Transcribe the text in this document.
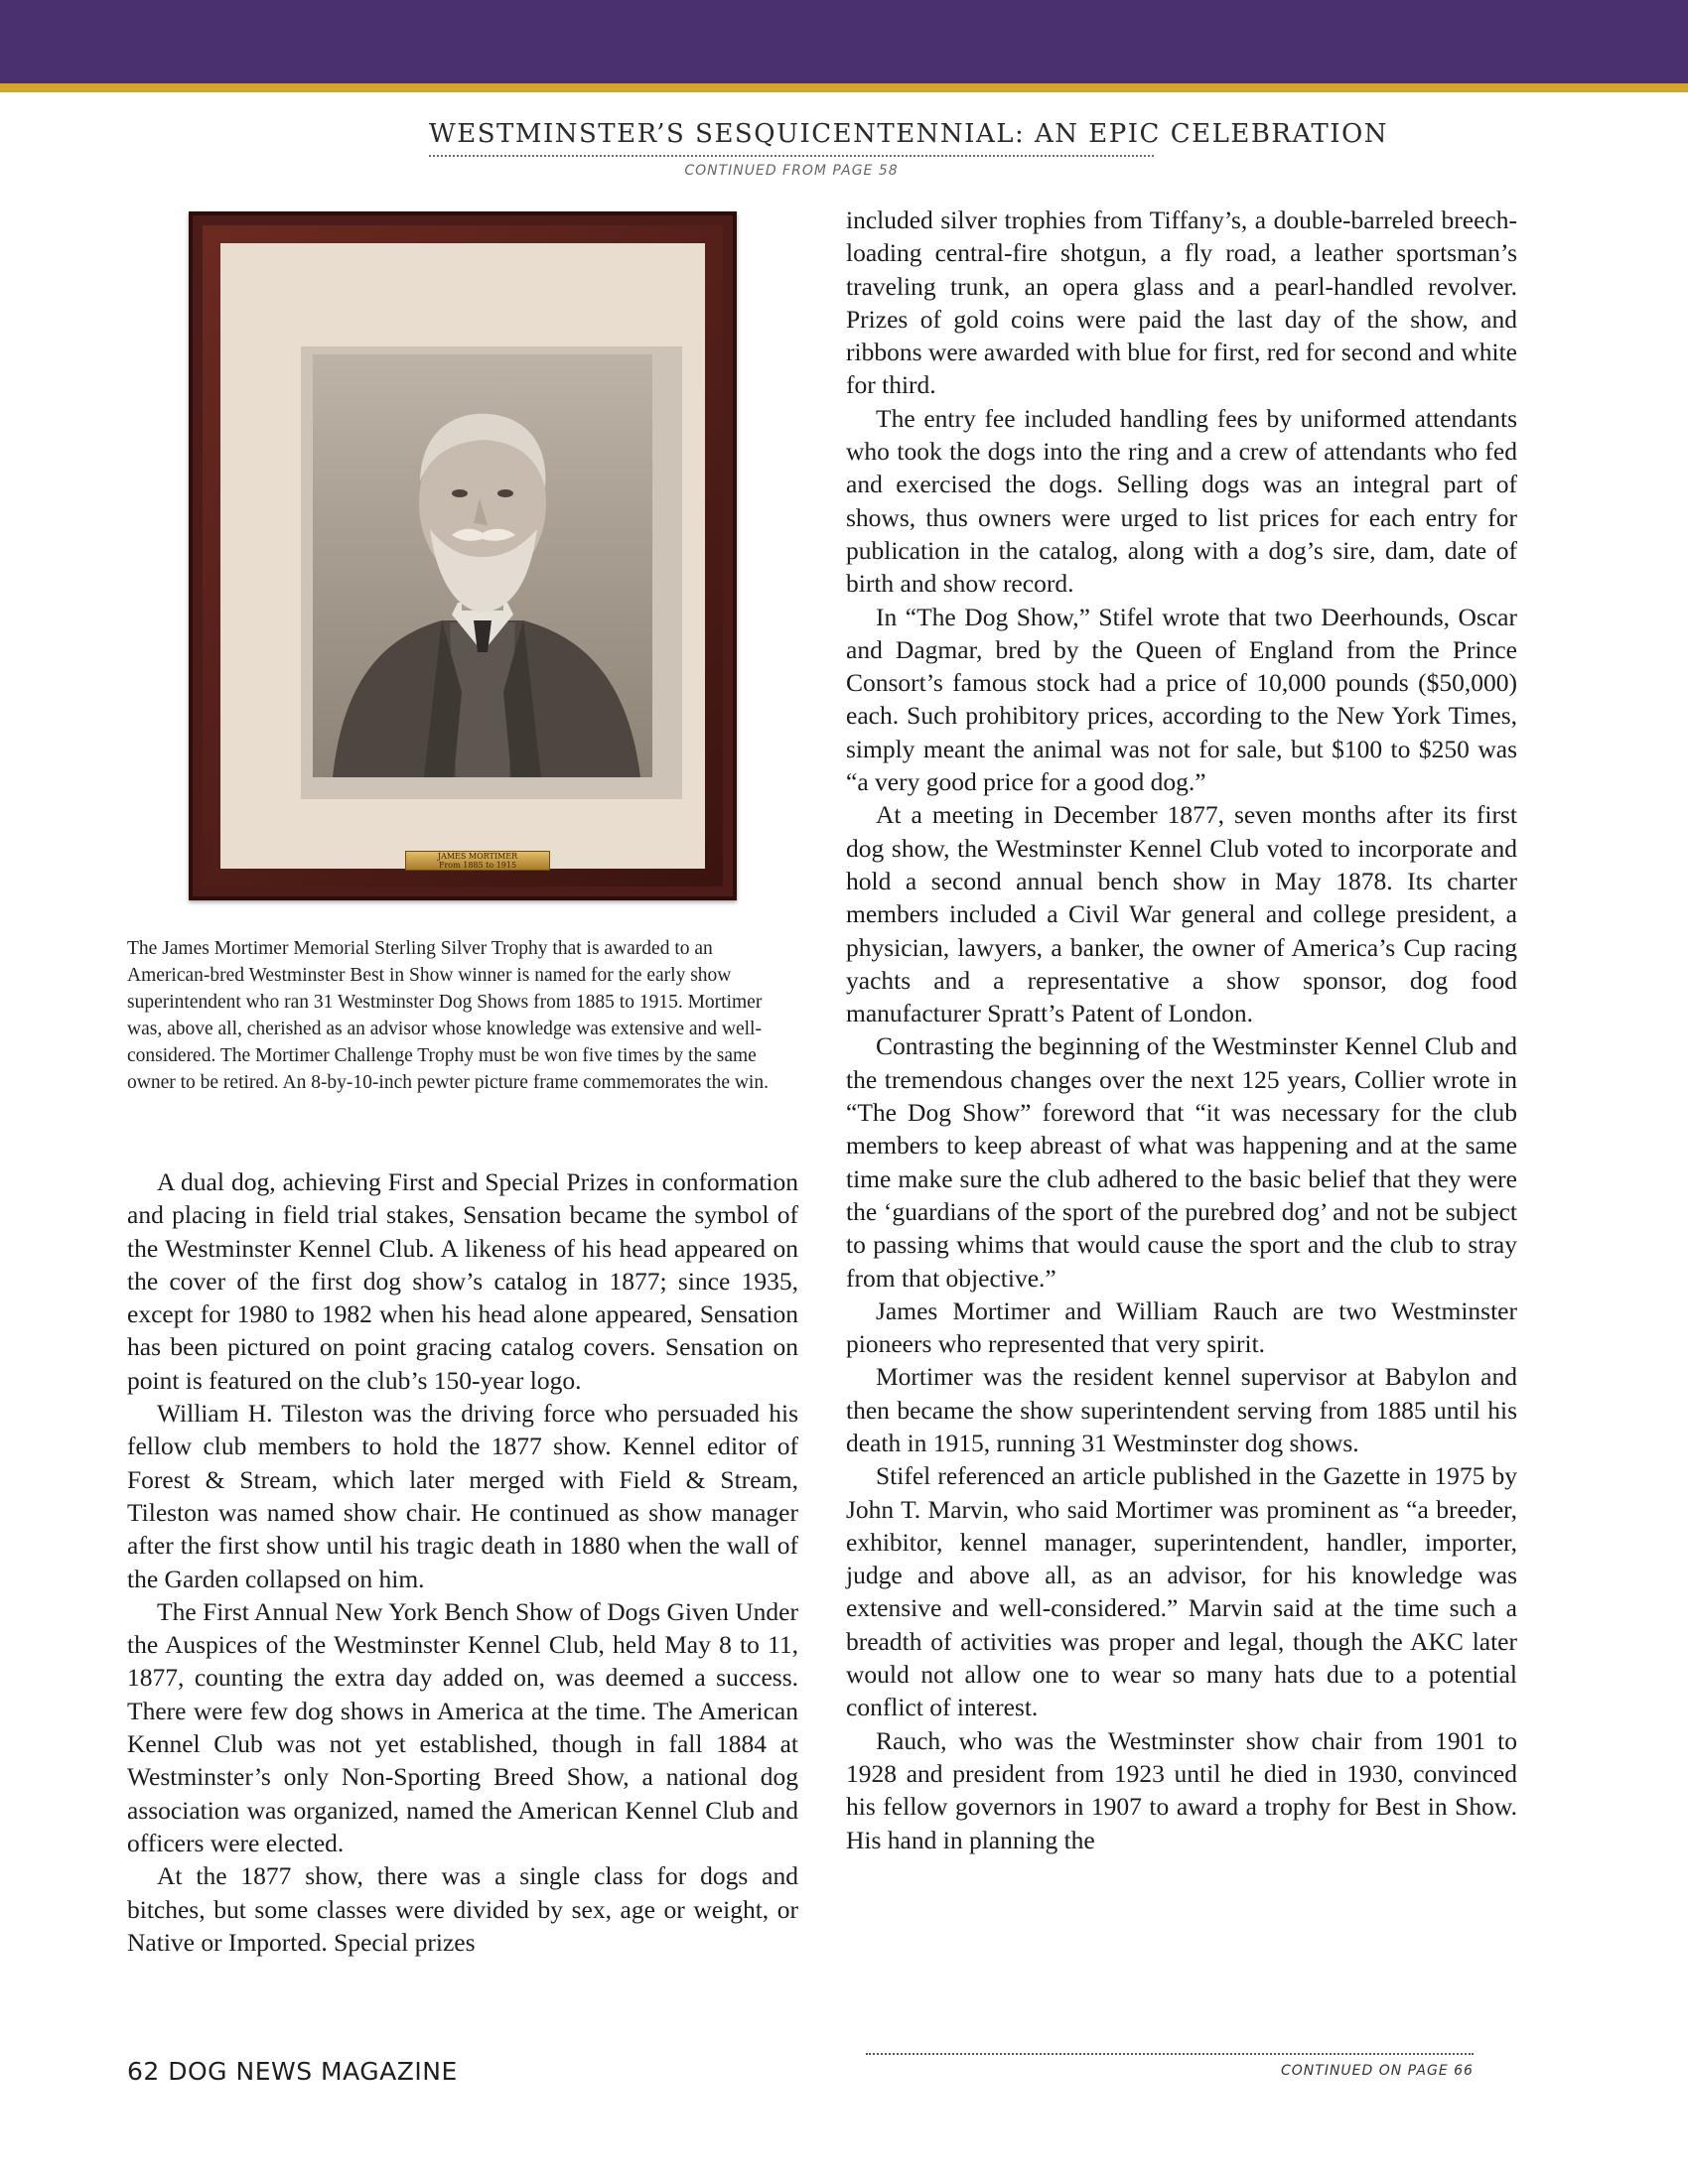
WESTMINSTER’S SESQUICENTENNIAL: AN EPIC CELEBRATION
CONTINUED FROM PAGE 58
JAMES MORTIMER
From 1885 to 1915

The James Mortimer Memorial Sterling Silver Trophy that is awarded to an American-bred Westminster Best in Show winner is named for the early show superintendent who ran 31 Westminster Dog Shows from 1885 to 1915. Mortimer was, above all, cherished as an advisor whose knowledge was extensive and well-considered. The Mortimer Challenge Trophy must be won five times by the same owner to be retired. An 8-by-10-inch pewter picture frame commemorates the win.

A dual dog, achieving First and Special Prizes in conformation and placing in field trial stakes, Sensation became the symbol of the Westminster Kennel Club. A likeness of his head appeared on the cover of the first dog show’s catalog in 1877; since 1935, except for 1980 to 1982 when his head alone appeared, Sensation has been pictured on point gracing catalog covers. Sensation on point is featured on the club’s 150-year logo.

William H. Tileston was the driving force who persuaded his fellow club members to hold the 1877 show. Kennel editor of Forest & Stream, which later merged with Field & Stream, Tileston was named show chair. He continued as show manager after the first show until his tragic death in 1880 when the wall of the Garden collapsed on him.

The First Annual New York Bench Show of Dogs Given Under the Auspices of the Westminster Kennel Club, held May 8 to 11, 1877, counting the extra day added on, was deemed a success. There were few dog shows in America at the time. The American Kennel Club was not yet established, though in fall 1884 at Westminster’s only Non-Sporting Breed Show, a national dog association was organized, named the American Kennel Club and officers were elected.

At the 1877 show, there was a single class for dogs and bitches, but some classes were divided by sex, age or weight, or Native or Imported. Special prizes

included silver trophies from Tiffany’s, a double-barreled breech-loading central-fire shotgun, a fly road, a leather sportsman’s traveling trunk, an opera glass and a pearl-handled revolver. Prizes of gold coins were paid the last day of the show, and ribbons were awarded with blue for first, red for second and white for third.

The entry fee included handling fees by uniformed attendants who took the dogs into the ring and a crew of attendants who fed and exercised the dogs. Selling dogs was an integral part of shows, thus owners were urged to list prices for each entry for publication in the catalog, along with a dog’s sire, dam, date of birth and show record.

In “The Dog Show,” Stifel wrote that two Deerhounds, Oscar and Dagmar, bred by the Queen of England from the Prince Consort’s famous stock had a price of 10,000 pounds ($50,000) each. Such prohibitory prices, according to the New York Times, simply meant the animal was not for sale, but $100 to $250 was “a very good price for a good dog.”

At a meeting in December 1877, seven months after its first dog show, the Westminster Kennel Club voted to incorporate and hold a second annual bench show in May 1878. Its charter members included a Civil War general and college president, a physician, lawyers, a banker, the owner of America’s Cup racing yachts and a representative a show sponsor, dog food manufacturer Spratt’s Patent of London.

Contrasting the beginning of the Westminster Kennel Club and the tremendous changes over the next 125 years, Collier wrote in “The Dog Show” foreword that “it was necessary for the club members to keep abreast of what was happening and at the same time make sure the club adhered to the basic belief that they were the ‘guardians of the sport of the purebred dog’ and not be subject to passing whims that would cause the sport and the club to stray from that objective.”

James Mortimer and William Rauch are two Westminster pioneers who represented that very spirit.

Mortimer was the resident kennel supervisor at Babylon and then became the show superintendent serving from 1885 until his death in 1915, running 31 Westminster dog shows.

Stifel referenced an article published in the Gazette in 1975 by John T. Marvin, who said Mortimer was prominent as “a breeder, exhibitor, kennel manager, superintendent, handler, importer, judge and above all, as an advisor, for his knowledge was extensive and well-considered.” Marvin said at the time such a breadth of activities was proper and legal, though the AKC later would not allow one to wear so many hats due to a potential conflict of interest.

Rauch, who was the Westminster show chair from 1901 to 1928 and president from 1923 until he died in 1930, convinced his fellow governors in 1907 to award a trophy for Best in Show. His hand in planning the

62 DOG NEWS MAGAZINE	CONTINUED ON PAGE 66
